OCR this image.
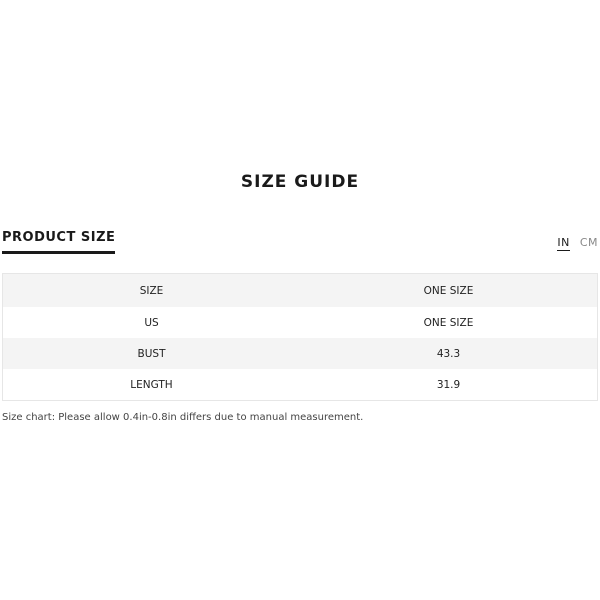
SIZE GUIDE
PRODUCT SIZE	IN CM
SIZE	ONE SIZE
US	ONE SIZE
BUST	43.3
LENGTH	31.9
Size chart: Please allow 0.4in-0.8in differs due to manual measurement.
